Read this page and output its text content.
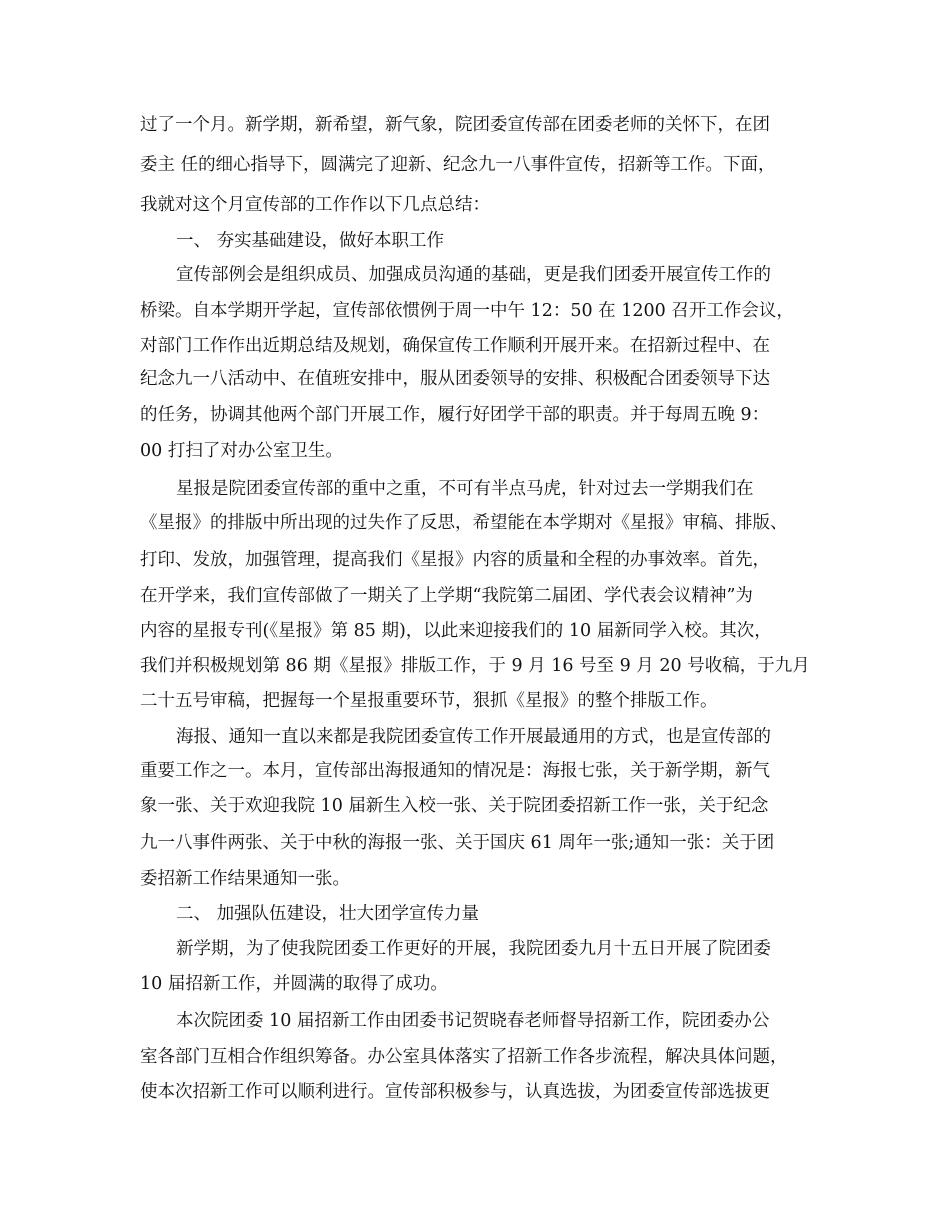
过了一个月。新学期，新希望，新气象，院团委宣传部在团委老师的关怀下，在团

委主 任的细心指导下，圆满完了迎新、纪念九一八事件宣传，招新等工作。下面，

我就对这个月宣传部的工作作以下几点总结：

一、 夯实基础建设，做好本职工作

宣传部例会是组织成员、加强成员沟通的基础，更是我们团委开展宣传工作的

桥梁。自本学期开学起，宣传部依惯例于周一中午 12：50 在 1200 召开工作会议，

对部门工作作出近期总结及规划，确保宣传工作顺利开展开来。在招新过程中、在

纪念九一八活动中、在值班安排中，服从团委领导的安排、积极配合团委领导下达

的任务，协调其他两个部门开展工作，履行好团学干部的职责。并于每周五晚 9：

00 打扫了对办公室卫生。

星报是院团委宣传部的重中之重，不可有半点马虎，针对过去一学期我们在

《星报》的排版中所出现的过失作了反思，希望能在本学期对《星报》审稿、排版、

打印、发放，加强管理，提高我们《星报》内容的质量和全程的办事效率。首先，

在开学来，我们宣传部做了一期关了上学期“我院第二届团、学代表会议精神”为

内容的星报专刊(《星报》第 85 期)，以此来迎接我们的 10 届新同学入校。其次，

我们并积极规划第 86 期《星报》排版工作，于 9 月 16 号至 9 月 20 号收稿，于九月

二十五号审稿，把握每一个星报重要环节，狠抓《星报》的整个排版工作。

海报、通知一直以来都是我院团委宣传工作开展最通用的方式，也是宣传部的

重要工作之一。本月，宣传部出海报通知的情况是：海报七张，关于新学期，新气

象一张、关于欢迎我院 10 届新生入校一张、关于院团委招新工作一张，关于纪念

九一八事件两张、关于中秋的海报一张、关于国庆 61 周年一张;通知一张：关于团

委招新工作结果通知一张。

二、 加强队伍建设，壮大团学宣传力量

新学期，为了使我院团委工作更好的开展，我院团委九月十五日开展了院团委

10 届招新工作，并圆满的取得了成功。

本次院团委 10 届招新工作由团委书记贺晓春老师督导招新工作，院团委办公

室各部门互相合作组织筹备。办公室具体落实了招新工作各步流程，解决具体问题，

使本次招新工作可以顺利进行。宣传部积极参与，认真选拔，为团委宣传部选拔更
